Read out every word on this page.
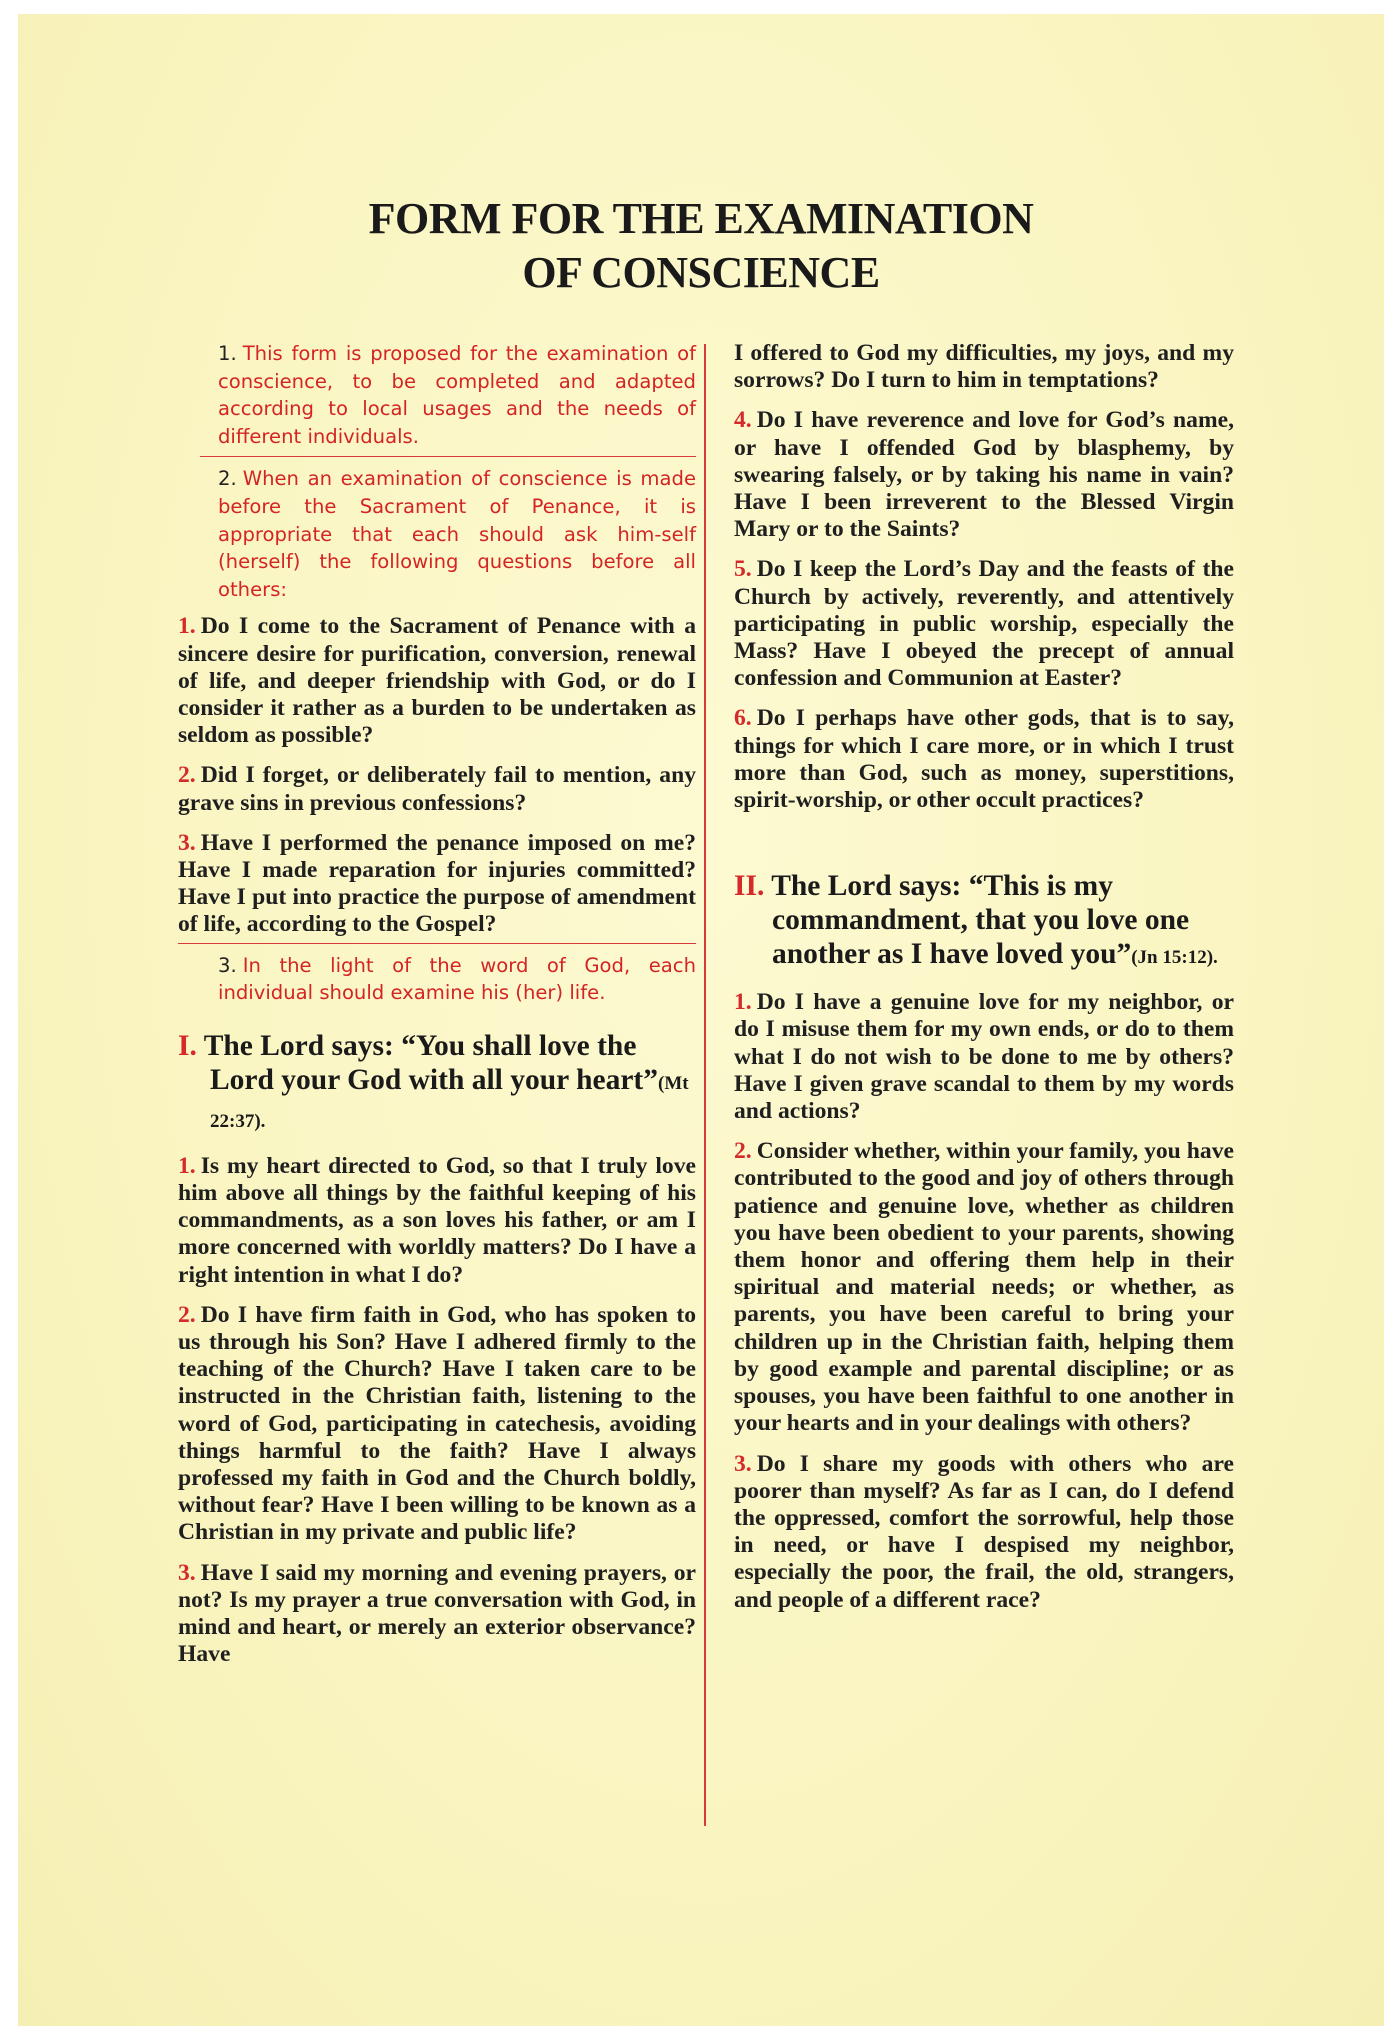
FORM FOR THE EXAMINATION
OF CONSCIENCE

1. This form is proposed for the examination of conscience, to be completed and adapted according to local usages and the needs of different individuals.

2. When an examination of conscience is made before the Sacrament of Penance, it is appropriate that each should ask him-self (herself) the following questions before all others:

1. Do I come to the Sacrament of Penance with a sincere desire for purification, conversion, renewal of life, and deeper friendship with God, or do I consider it rather as a burden to be undertaken as seldom as possible?

2. Did I forget, or deliberately fail to mention, any grave sins in previous confessions?

3. Have I performed the penance imposed on me? Have I made reparation for injuries committed? Have I put into practice the purpose of amendment of life, according to the Gospel?

3. In the light of the word of God, each individual should examine his (her) life.

I. The Lord says: “You shall love the Lord your God with all your heart”(Mt 22:37).

1. Is my heart directed to God, so that I truly love him above all things by the faithful keeping of his commandments, as a son loves his father, or am I more concerned with worldly matters? Do I have a right intention in what I do?

2. Do I have firm faith in God, who has spoken to us through his Son? Have I adhered firmly to the teaching of the Church? Have I taken care to be instructed in the Christian faith, listening to the word of God, participating in catechesis, avoiding things harmful to the faith? Have I always professed my faith in God and the Church boldly, without fear? Have I been willing to be known as a Christian in my private and public life?

3. Have I said my morning and evening prayers, or not? Is my prayer a true conversation with God, in mind and heart, or merely an exterior observance? Have

I offered to God my difficulties, my joys, and my sorrows? Do I turn to him in temptations?

4. Do I have reverence and love for God’s name, or have I offended God by blasphemy, by swearing falsely, or by taking his name in vain? Have I been irreverent to the Blessed Virgin Mary or to the Saints?

5. Do I keep the Lord’s Day and the feasts of the Church by actively, reverently, and attentively participating in public worship, especially the Mass? Have I obeyed the precept of annual confession and Communion at Easter?

6. Do I perhaps have other gods, that is to say, things for which I care more, or in which I trust more than God, such as money, superstitions, spirit-worship, or other occult practices?

II. The Lord says: “This is my commandment, that you love one another as I have loved you”(Jn 15:12).

1. Do I have a genuine love for my neighbor, or do I misuse them for my own ends, or do to them what I do not wish to be done to me by others? Have I given grave scandal to them by my words and actions?

2. Consider whether, within your family, you have contributed to the good and joy of others through patience and genuine love, whether as children you have been obedient to your parents, showing them honor and offering them help in their spiritual and material needs; or whether, as parents, you have been careful to bring your children up in the Christian faith, helping them by good example and parental discipline; or as spouses, you have been faithful to one another in your hearts and in your dealings with others?

3. Do I share my goods with others who are poorer than myself? As far as I can, do I defend the oppressed, comfort the sorrowful, help those in need, or have I despised my neighbor, especially the poor, the frail, the old, strangers, and people of a different race?
